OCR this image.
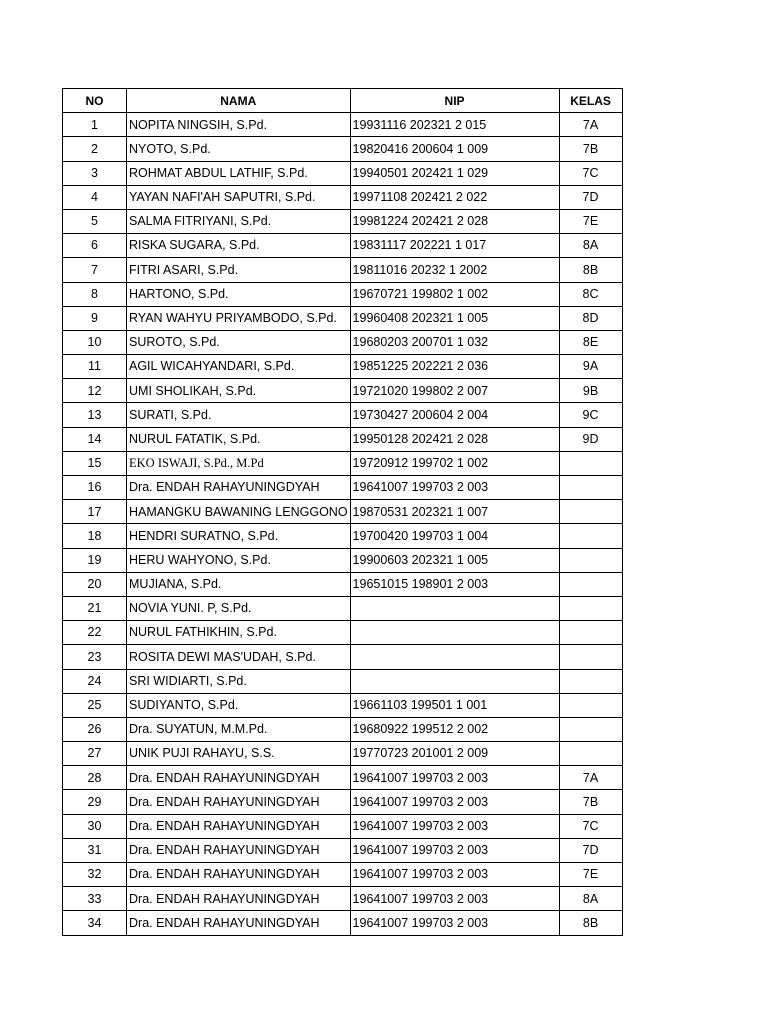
NO	NAMA	NIP	KELAS
1	NOPITA NINGSIH, S.Pd.	19931116 202321 2 015	7A
2	NYOTO, S.Pd.	19820416 200604 1 009	7B
3	ROHMAT ABDUL LATHIF, S.Pd.	19940501 202421 1 029	7C
4	YAYAN NAFI'AH SAPUTRI, S.Pd.	19971108 202421 2 022	7D
5	SALMA FITRIYANI, S.Pd.	19981224 202421 2 028	7E
6	RISKA SUGARA, S.Pd.	19831117 202221 1 017	8A
7	FITRI ASARI, S.Pd.	19811016 20232 1 2002	8B
8	HARTONO, S.Pd.	19670721 199802 1 002	8C
9	RYAN WAHYU PRIYAMBODO, S.Pd.	19960408 202321 1 005	8D
10	SUROTO, S.Pd.	19680203 200701 1 032	8E
11	AGIL WICAHYANDARI, S.Pd.	19851225 202221 2 036	9A
12	UMI SHOLIKAH, S.Pd.	19721020 199802 2 007	9B
13	SURATI, S.Pd.	19730427 200604 2 004	9C
14	NURUL FATATIK, S.Pd.	19950128 202421 2 028	9D
15	EKO ISWAJI, S.Pd., M.Pd	19720912 199702 1 002	
16	Dra. ENDAH RAHAYUNINGDYAH	19641007 199703 2 003	
17	HAMANGKU BAWANING LENGGONO	19870531 202321 1 007	
18	HENDRI SURATNO, S.Pd.	19700420 199703 1 004	
19	HERU WAHYONO, S.Pd.	19900603 202321 1 005	
20	MUJIANA, S.Pd.	19651015 198901 2 003	
21	NOVIA YUNI. P, S.Pd.		
22	NURUL FATHIKHIN, S.Pd.		
23	ROSITA DEWI MAS'UDAH, S.Pd.		
24	SRI WIDIARTI, S.Pd.		
25	SUDIYANTO, S.Pd.	19661103 199501 1 001	
26	Dra. SUYATUN, M.M.Pd.	19680922 199512 2 002	
27	UNIK PUJI RAHAYU, S.S.	19770723 201001 2 009	
28	Dra. ENDAH RAHAYUNINGDYAH	19641007 199703 2 003	7A
29	Dra. ENDAH RAHAYUNINGDYAH	19641007 199703 2 003	7B
30	Dra. ENDAH RAHAYUNINGDYAH	19641007 199703 2 003	7C
31	Dra. ENDAH RAHAYUNINGDYAH	19641007 199703 2 003	7D
32	Dra. ENDAH RAHAYUNINGDYAH	19641007 199703 2 003	7E
33	Dra. ENDAH RAHAYUNINGDYAH	19641007 199703 2 003	8A
34	Dra. ENDAH RAHAYUNINGDYAH	19641007 199703 2 003	8B
